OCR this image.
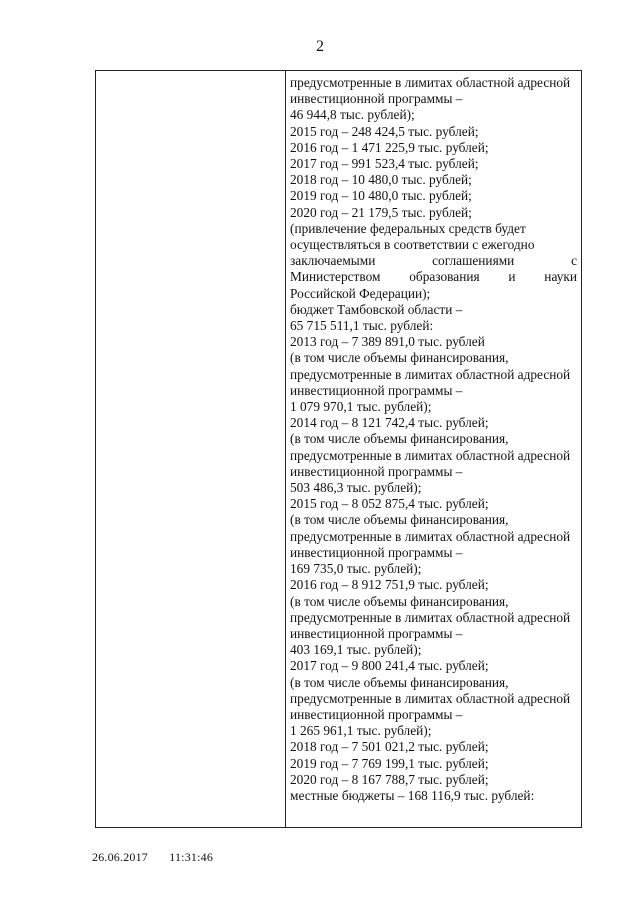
2
предусмотренные в лимитах областной адресной
инвестиционной программы –
46 944,8 тыс. рублей);
2015 год – 248 424,5 тыс. рублей;
2016 год – 1 471 225,9 тыс. рублей;
2017 год – 991 523,4 тыс. рублей;
2018 год – 10 480,0 тыс. рублей;
2019 год – 10 480,0 тыс. рублей;
2020 год – 21 179,5 тыс. рублей;
(привлечение федеральных средств будет
осуществляться в соответствии с ежегодно
заключаемыми соглашениями с
Министерством образования и науки
Российской Федерации);
бюджет Тамбовской области –
65 715 511,1 тыс. рублей:
2013 год – 7 389 891,0 тыс. рублей
(в том числе объемы финансирования,
предусмотренные в лимитах областной адресной
инвестиционной программы –
1 079 970,1 тыс. рублей);
2014 год – 8 121 742,4 тыс. рублей;
(в том числе объемы финансирования,
предусмотренные в лимитах областной адресной
инвестиционной программы –
503 486,3 тыс. рублей);
2015 год – 8 052 875,4 тыс. рублей;
(в том числе объемы финансирования,
предусмотренные в лимитах областной адресной
инвестиционной программы –
169 735,0 тыс. рублей);
2016 год – 8 912 751,9 тыс. рублей;
(в том числе объемы финансирования,
предусмотренные в лимитах областной адресной
инвестиционной программы –
403 169,1 тыс. рублей);
2017 год – 9 800 241,4 тыс. рублей;
(в том числе объемы финансирования,
предусмотренные в лимитах областной адресной
инвестиционной программы –
1 265 961,1 тыс. рублей);
2018 год – 7 501 021,2 тыс. рублей;
2019 год – 7 769 199,1 тыс. рублей;
2020 год – 8 167 788,7 тыс. рублей;
местные бюджеты – 168 116,9 тыс. рублей:
26.06.2017 11:31:46
